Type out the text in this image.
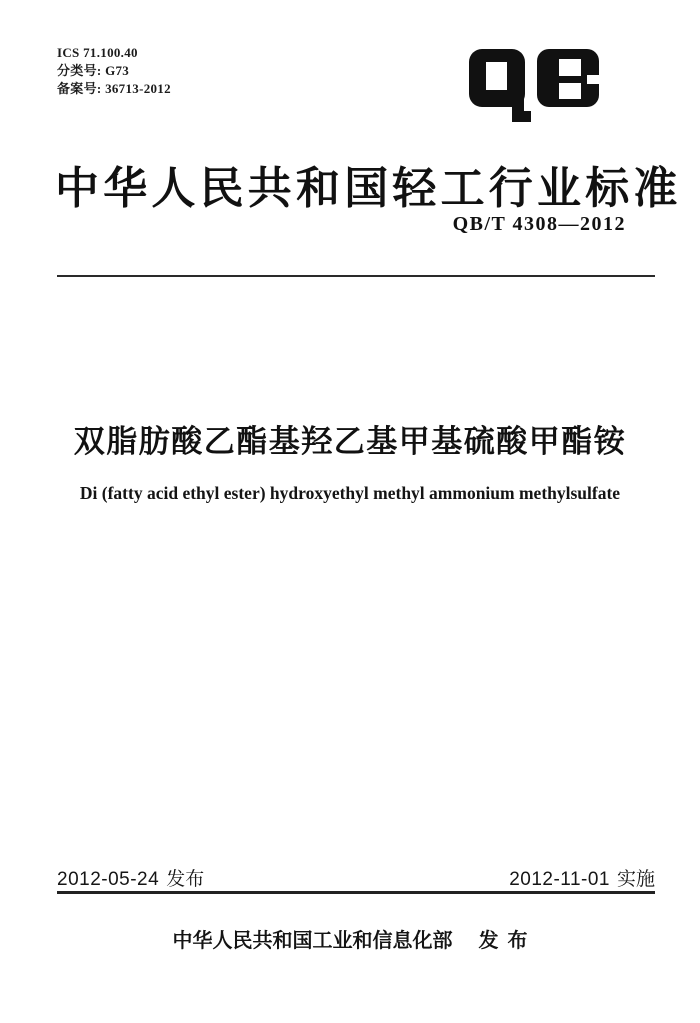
ICS 71.100.40
分类号: G73
备案号: 36713-2012
中华人民共和国轻工行业标准
QB/T 4308—2012
双脂肪酸乙酯基羟乙基甲基硫酸甲酯铵
Di (fatty acid ethyl ester) hydroxyethyl methyl ammonium methylsulfate
2012-05-24 发布	2012-11-01 实施
中华人民共和国工业和信息化部 发布
